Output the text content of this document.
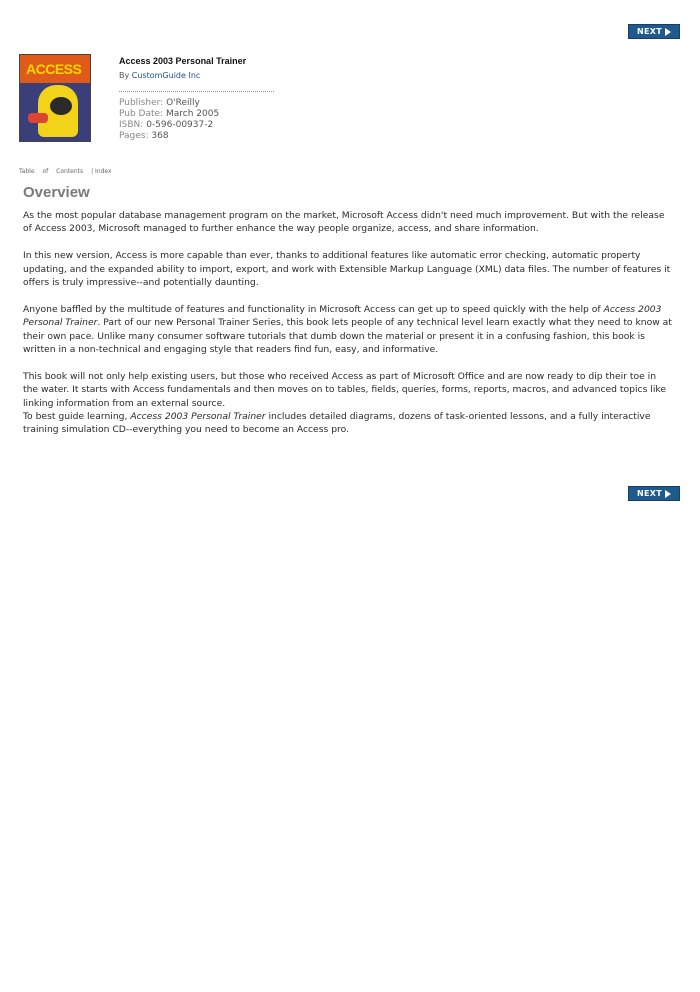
NEXT
ACCESS	Access 2003 Personal Trainer
By CustomGuide Inc
Publisher: O'Reilly
Pub Date: March 2005
ISBN: 0-596-00937-2
Pages: 368
Table of Contents | Index
Overview

As the most popular database management program on the market, Microsoft Access didn't need much improvement. But with the release of Access 2003, Microsoft managed to further enhance the way people organize, access, and share information.

In this new version, Access is more capable than ever, thanks to additional features like automatic error checking, automatic property updating, and the expanded ability to import, export, and work with Extensible Markup Language (XML) data files. The number of features it offers is truly impressive--and potentially daunting.

Anyone baffled by the multitude of features and functionality in Microsoft Access can get up to speed quickly with the help of Access 2003 Personal Trainer. Part of our new Personal Trainer Series, this book lets people of any technical level learn exactly what they need to know at their own pace. Unlike many consumer software tutorials that dumb down the material or present it in a confusing fashion, this book is written in a non-technical and engaging style that readers find fun, easy, and informative.

This book will not only help existing users, but those who received Access as part of Microsoft Office and are now ready to dip their toe in the water. It starts with Access fundamentals and then moves on to tables, fields, queries, forms, reports, macros, and advanced topics like linking information from an external source.
To best guide learning, Access 2003 Personal Trainer includes detailed diagrams, dozens of task-oriented lessons, and a fully interactive training simulation CD--everything you need to become an Access pro.

NEXT
